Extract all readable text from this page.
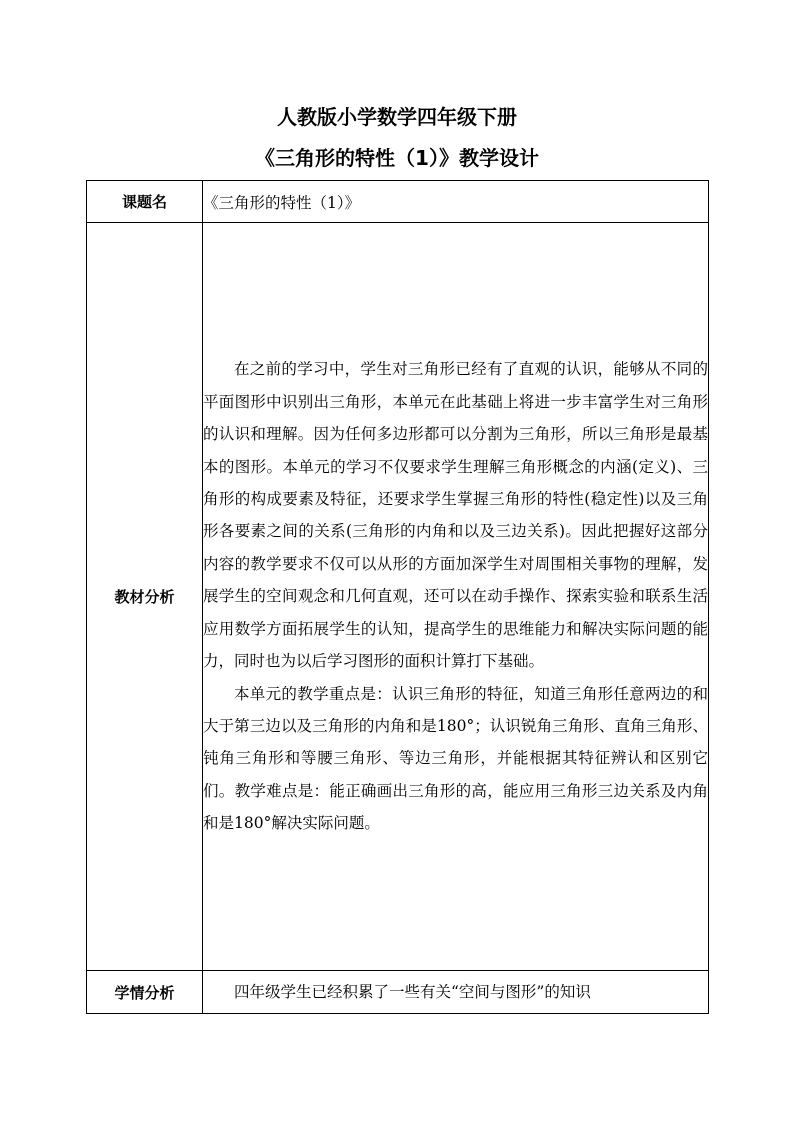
人教版小学数学四年级下册
《三角形的特性（1）》教学设计
课题名	《三角形的特性（1）》
教材分析	在之前的学习中，学生对三角形已经有了直观的认识，能够从不同的平面图形中识别出三角形，本单元在此基础上将进一步丰富学生对三角形的认识和理解。因为任何多边形都可以分割为三角形，所以三角形是最基本的图形。本单元的学习不仅要求学生理解三角形概念的内涵(定义)、三角形的构成要素及特征，还要求学生掌握三角形的特性(稳定性)以及三角形各要素之间的关系(三角形的内角和以及三边关系)。因此把握好这部分内容的教学要求不仅可以从形的方面加深学生对周围相关事物的理解，发展学生的空间观念和几何直观，还可以在动手操作、探索实验和联系生活应用数学方面拓展学生的认知，提高学生的思维能力和解决实际问题的能力，同时也为以后学习图形的面积计算打下基础。

本单元的教学重点是：认识三角形的特征，知道三角形任意两边的和大于第三边以及三角形的内角和是180°；认识锐角三角形、直角三角形、钝角三角形和等腰三角形、等边三角形，并能根据其特征辨认和区别它们。教学难点是：能正确画出三角形的高，能应用三角形三边关系及内角和是180°解决实际问题。

学情分析	四年级学生已经积累了一些有关“空间与图形”的知识
